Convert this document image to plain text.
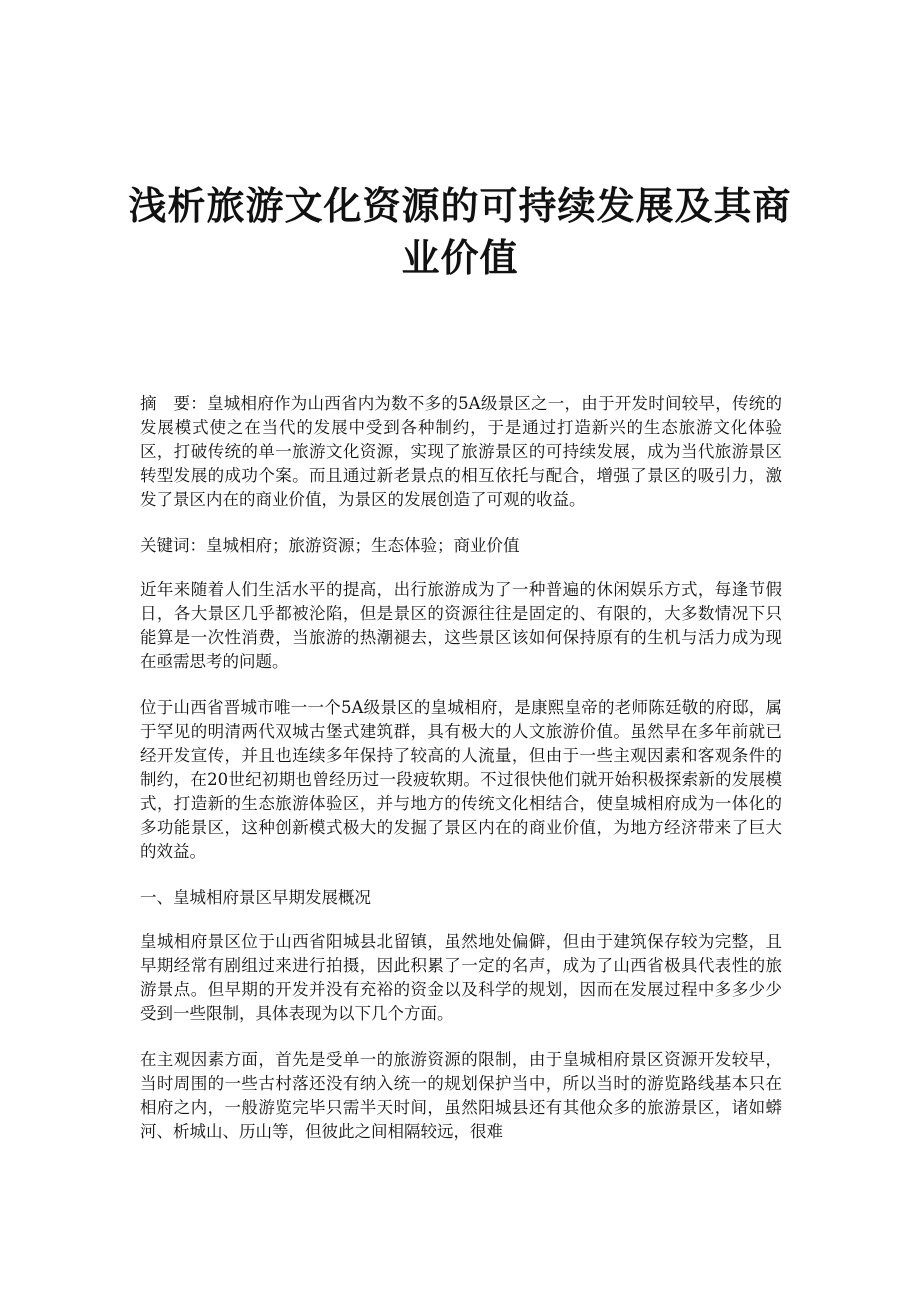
浅析旅游文化资源的可持续发展及其商业价值

摘　要：皇城相府作为山西省内为数不多的5A级景区之一，由于开发时间较早，传统的发展模式使之在当代的发展中受到各种制约，于是通过打造新兴的生态旅游文化体验区，打破传统的单一旅游文化资源，实现了旅游景区的可持续发展，成为当代旅游景区转型发展的成功个案。而且通过新老景点的相互依托与配合，增强了景区的吸引力，激发了景区内在的商业价值，为景区的发展创造了可观的收益。

关键词：皇城相府；旅游资源；生态体验；商业价值

近年来随着人们生活水平的提高，出行旅游成为了一种普遍的休闲娱乐方式，每逢节假日，各大景区几乎都被沦陷，但是景区的资源往往是固定的、有限的，大多数情况下只能算是一次性消费，当旅游的热潮褪去，这些景区该如何保持原有的生机与活力成为现在亟需思考的问题。

位于山西省晋城市唯一一个5A级景区的皇城相府，是康熙皇帝的老师陈廷敬的府邸，属于罕见的明清两代双城古堡式建筑群，具有极大的人文旅游价值。虽然早在多年前就已经开发宣传，并且也连续多年保持了较高的人流量，但由于一些主观因素和客观条件的制约，在20世纪初期也曾经历过一段疲软期。不过很快他们就开始积极探索新的发展模式，打造新的生态旅游体验区，并与地方的传统文化相结合，使皇城相府成为一体化的多功能景区，这种创新模式极大的发掘了景区内在的商业价值，为地方经济带来了巨大的效益。

一、皇城相府景区早期发展概况

皇城相府景区位于山西省阳城县北留镇，虽然地处偏僻，但由于建筑保存较为完整，且早期经常有剧组过来进行拍摄，因此积累了一定的名声，成为了山西省极具代表性的旅游景点。但早期的开发并没有充裕的资金以及科学的规划，因而在发展过程中多多少少受到一些限制，具体表现为以下几个方面。

在主观因素方面，首先是受单一的旅游资源的限制，由于皇城相府景区资源开发较早，当时周围的一些古村落还没有纳入统一的规划保护当中，所以当时的游览路线基本只在相府之内，一般游览完毕只需半天时间，虽然阳城县还有其他众多的旅游景区，诸如蟒河、析城山、历山等，但彼此之间相隔较远，很难
